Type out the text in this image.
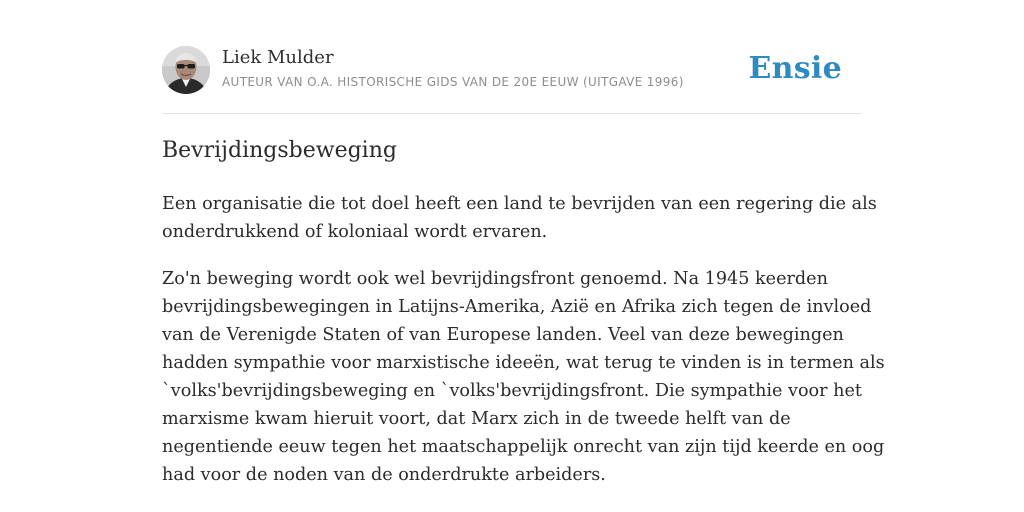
Liek Mulder
AUTEUR VAN O.A. HISTORISCHE GIDS VAN DE 20E EEUW (UITGAVE 1996) Ensie
Bevrijdingsbeweging

Een organisatie die tot doel heeft een land te bevrijden van een regering die als
onderdrukkend of koloniaal wordt ervaren.

Zo'n beweging wordt ook wel bevrijdingsfront genoemd. Na 1945 keerden
bevrijdingsbewegingen in Latijns-Amerika, Azië en Afrika zich tegen de invloed
van de Verenigde Staten of van Europese landen. Veel van deze bewegingen
hadden sympathie voor marxistische ideeën, wat terug te vinden is in termen als
`volks'bevrijdingsbeweging en `volks'bevrijdingsfront. Die sympathie voor het
marxisme kwam hieruit voort, dat Marx zich in de tweede helft van de
negentiende eeuw tegen het maatschappelijk onrecht van zijn tijd keerde en oog
had voor de noden van de onderdrukte arbeiders.
